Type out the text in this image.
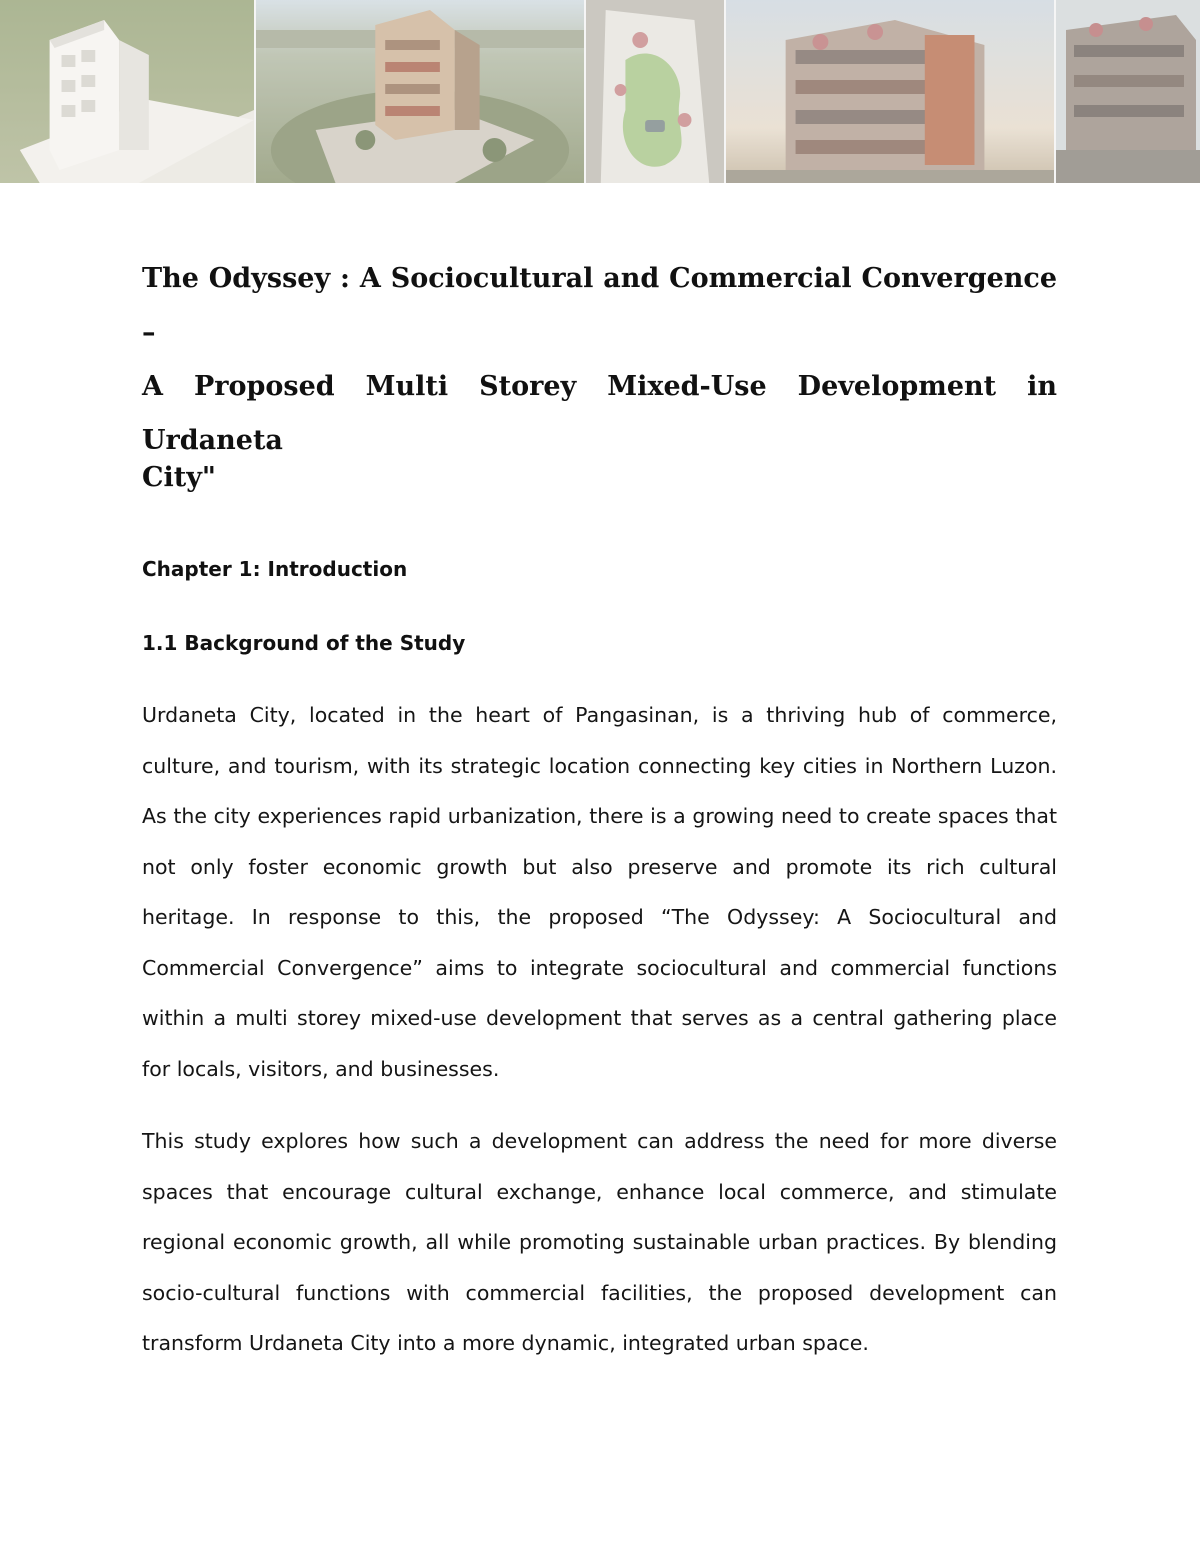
The Odyssey : A Sociocultural and Commercial Convergence –
A Proposed Multi Storey Mixed-Use Development in Urdaneta
City"
Chapter 1: Introduction
1.1 Background of the Study

Urdaneta City, located in the heart of Pangasinan, is a thriving hub of commerce, culture, and tourism, with its strategic location connecting key cities in Northern Luzon. As the city experiences rapid urbanization, there is a growing need to create spaces that not only foster economic growth but also preserve and promote its rich cultural heritage. In response to this, the proposed “The Odyssey: A Sociocultural and Commercial Convergence” aims to integrate sociocultural and commercial functions within a multi storey mixed-use development that serves as a central gathering place for locals, visitors, and businesses.

This study explores how such a development can address the need for more diverse spaces that encourage cultural exchange, enhance local commerce, and stimulate regional economic growth, all while promoting sustainable urban practices. By blending socio-cultural functions with commercial facilities, the proposed development can transform Urdaneta City into a more dynamic, integrated urban space.
